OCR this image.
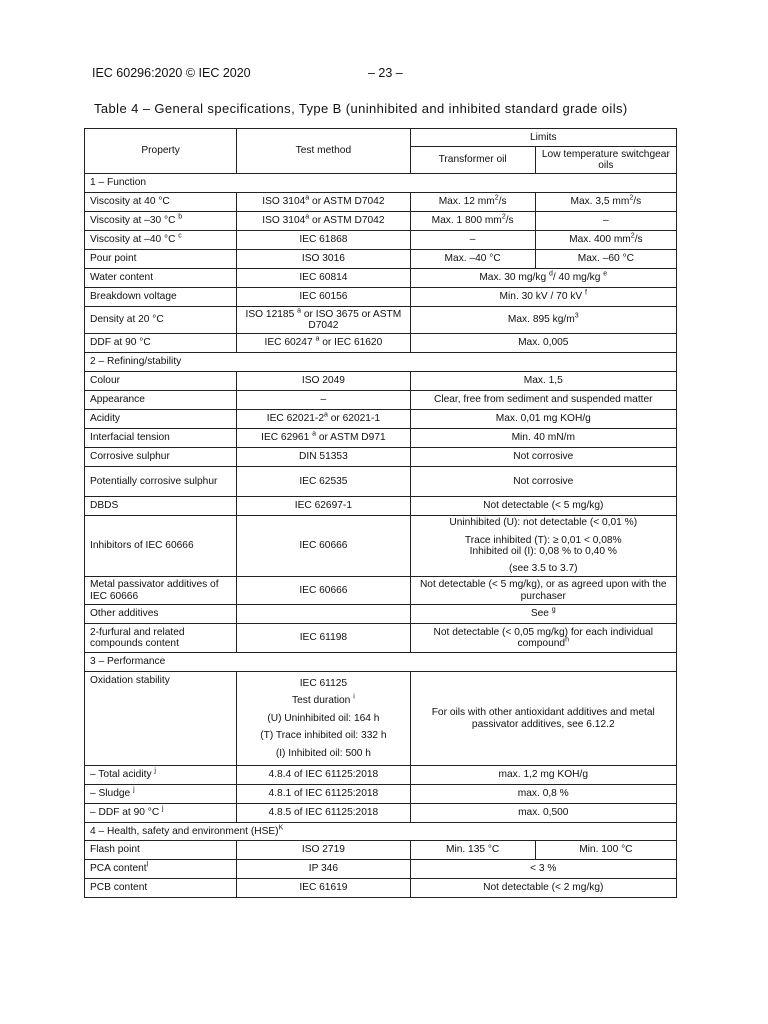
IEC 60296:2020 © IEC 2020	– 23 –
Table 4 – General specifications, Type B (uninhibited and inhibited standard grade oils)
Property	Test method	Limits	
		Transformer oil	Low temperature switchgear oils
1 – Function			
Viscosity at 40 °C	ISO 3104$^a$ or ASTM D7042	Max. 12 $mm^2/s$	Max. 3,5 $mm^2/s$
Viscosity at –30 °C $^b$	ISO 3104$^a$ or ASTM D7042	Max. 1 800 $mm^2/s$	–
Viscosity at –40 °C $^c$	IEC 61868	–	Max. 400 $mm^2/s$
Pour point	ISO 3016	Max. –40 °C	Max. –60 °C
Water content	IEC 60814	Max. 30 mg/kg $^d$/ 40 mg/kg $^e$
Breakdown voltage	IEC 60156	Min. 30 kV / 70 kV $^f$
Density at 20 °C	ISO 12185 $^a$ or ISO 3675 or ASTM D7042	Max. 895 $kg/m^3$
DDF at 90 °C	IEC 60247 $^a$ or IEC 61620	Max. 0,005	
2 – Refining/stability			
Colour	ISO 2049	Max. 1,5	
Appearance	–	Clear, free from sediment and suspended matter	
Acidity	IEC 62021-2$^a$ or 62021-1	Max. 0,01 mg KOH/g	
Interfacial tension	IEC 62961 $^a$ or ASTM D971	Min. 40 mN/m	
Corrosive sulphur	DIN 51353	Not corrosive	
Potentially corrosive sulphur	IEC 62535	Not corrosive	
DBDS	IEC 62697-1	Not detectable (< 5 mg/kg)	
Inhibitors of IEC 60666	IEC 60666	Uninhibited (U): not detectable (< 0,01 %)
Trace inhibited (T): ≥ 0,01 < 0,08%
Inhibited oil (I): 0,08 % to 0,40 %
(see 3.5 to 3.7)	

Metal passivator additives of IEC 60666	IEC 60666	Not detectable (< 5 mg/kg), or as agreed upon with the purchaser	
Other additives		See $^g$
2-furfural and related compounds content	IEC 61198	Not detectable (< 0,05 mg/kg) for each individual compound$^h$
3 – Performance			
Oxidation stability	IEC 61125
Test duration $^i$
(U) Uninhibited oil: 164 h
(T) Trace inhibited oil: 332 h
(I) Inhibited oil: 500 h	For oils with other antioxidant additives and metal passivator additives, see 6.12.2	
– Total acidity $^j$	4.8.4 of IEC 61125:2018	max. 1,2 mg KOH/g	
– Sludge $^j$	4.8.1 of IEC 61125:2018	max. 0,8 %	
– DDF at 90 °C $^j$	4.8.5 of IEC 61125:2018	max. 0,500	
4 – Health, safety and environment (HSE)$^K$
Flash point	ISO 2719	Min. 135 °C	Min. 100 °C
PCA content$^l$	IP 346	< 3 %	
PCB content	IEC 61619	Not detectable (< 2 mg/kg)	
